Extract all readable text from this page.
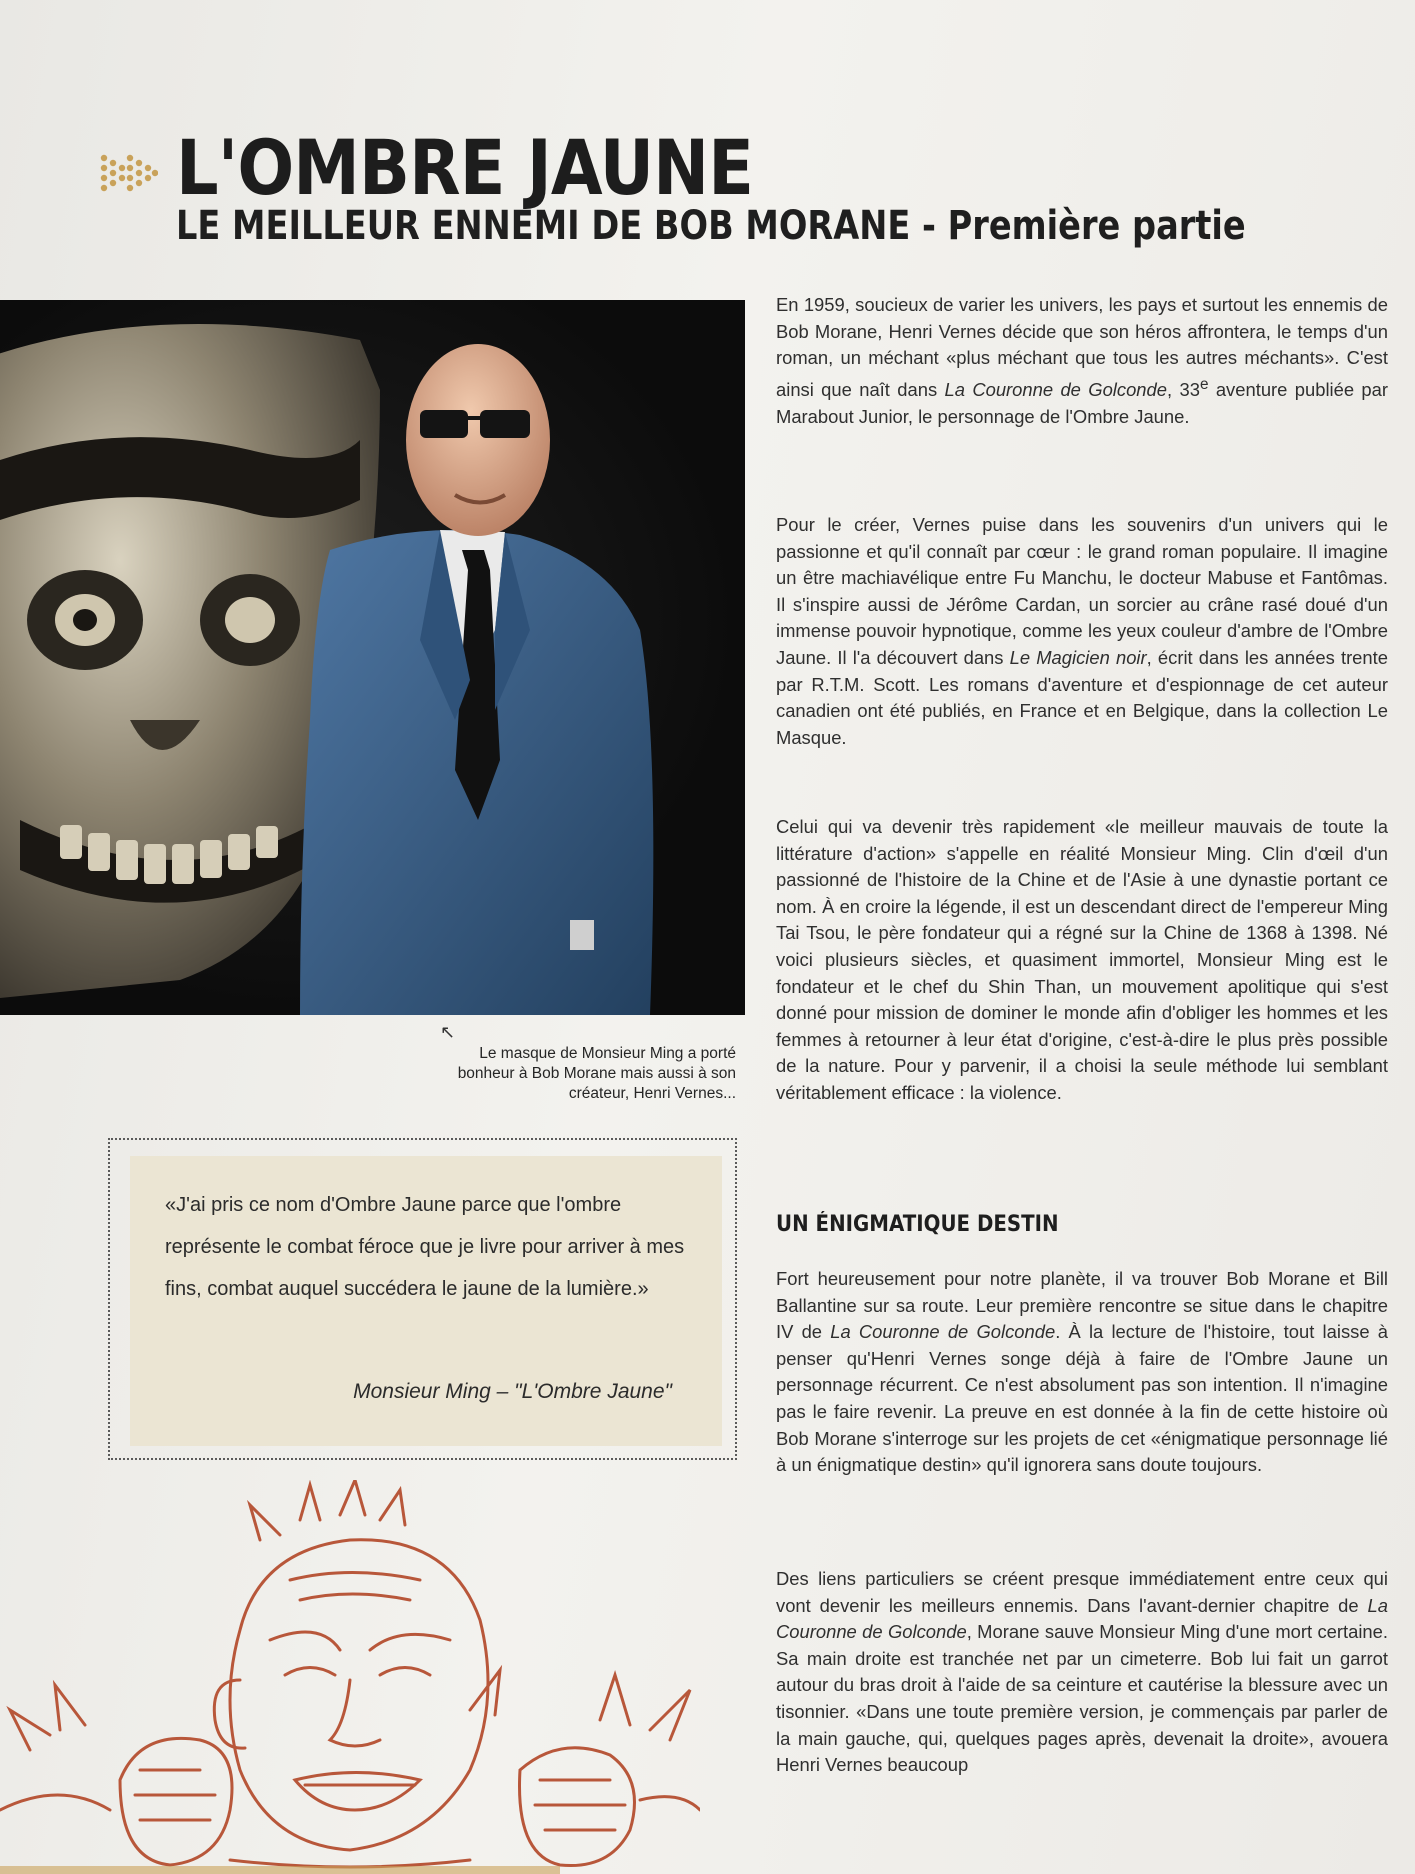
L'OMBRE JAUNE
LE MEILLEUR ENNEMI DE BOB MORANE - Première partie
↖

Le masque de Monsieur Ming a porté bonheur à Bob Morane mais aussi à son créateur, Henri Vernes...

«J'ai pris ce nom d'Ombre Jaune parce que l'ombre représente le combat féroce que je livre pour arriver à mes fins, combat auquel succédera le jaune de la lumière.»

Monsieur Ming – "L'Ombre Jaune"

En 1959, soucieux de varier les univers, les pays et surtout les ennemis de Bob Morane, Henri Vernes décide que son héros affrontera, le temps d'un roman, un méchant «plus méchant que tous les autres méchants». C'est ainsi que naît dans La Couronne de Golconde, 33e aventure publiée par Marabout Junior, le personnage de l'Ombre Jaune.

Pour le créer, Vernes puise dans les souvenirs d'un univers qui le passionne et qu'il connaît par cœur : le grand roman populaire. Il imagine un être machiavélique entre Fu Manchu, le docteur Mabuse et Fantômas. Il s'inspire aussi de Jérôme Cardan, un sorcier au crâne rasé doué d'un immense pouvoir hypnotique, comme les yeux couleur d'ambre de l'Ombre Jaune. Il l'a découvert dans Le Magicien noir, écrit dans les années trente par R.T.M. Scott. Les romans d'aventure et d'espionnage de cet auteur canadien ont été publiés, en France et en Belgique, dans la collection Le Masque.

Celui qui va devenir très rapidement «le meilleur mauvais de toute la littérature d'action» s'appelle en réalité Monsieur Ming. Clin d'œil d'un passionné de l'histoire de la Chine et de l'Asie à une dynastie portant ce nom. À en croire la légende, il est un descendant direct de l'empereur Ming Tai Tsou, le père fondateur qui a régné sur la Chine de 1368 à 1398. Né voici plusieurs siècles, et quasiment immortel, Monsieur Ming est le fondateur et le chef du Shin Than, un mouvement apolitique qui s'est donné pour mission de dominer le monde afin d'obliger les hommes et les femmes à retourner à leur état d'origine, c'est-à-dire le plus près possible de la nature. Pour y parvenir, il a choisi la seule méthode lui semblant véritablement efficace : la violence.

UN ÉNIGMATIQUE DESTIN

Fort heureusement pour notre planète, il va trouver Bob Morane et Bill Ballantine sur sa route. Leur première rencontre se situe dans le chapitre IV de La Couronne de Golconde. À la lecture de l'histoire, tout laisse à penser qu'Henri Vernes songe déjà à faire de l'Ombre Jaune un personnage récurrent. Ce n'est absolument pas son intention. Il n'imagine pas le faire revenir. La preuve en est donnée à la fin de cette histoire où Bob Morane s'interroge sur les projets de cet «énigmatique personnage lié à un énigmatique destin» qu'il ignorera sans doute toujours.

Des liens particuliers se créent presque immédiatement entre ceux qui vont devenir les meilleurs ennemis. Dans l'avant-dernier chapitre de La Couronne de Golconde, Morane sauve Monsieur Ming d'une mort certaine. Sa main droite est tranchée net par un cimeterre. Bob lui fait un garrot autour du bras droit à l'aide de sa ceinture et cautérise la blessure avec un tisonnier. «Dans une toute première version, je commençais par parler de la main gauche, qui, quelques pages après, devenait la droite», avouera Henri Vernes beaucoup
